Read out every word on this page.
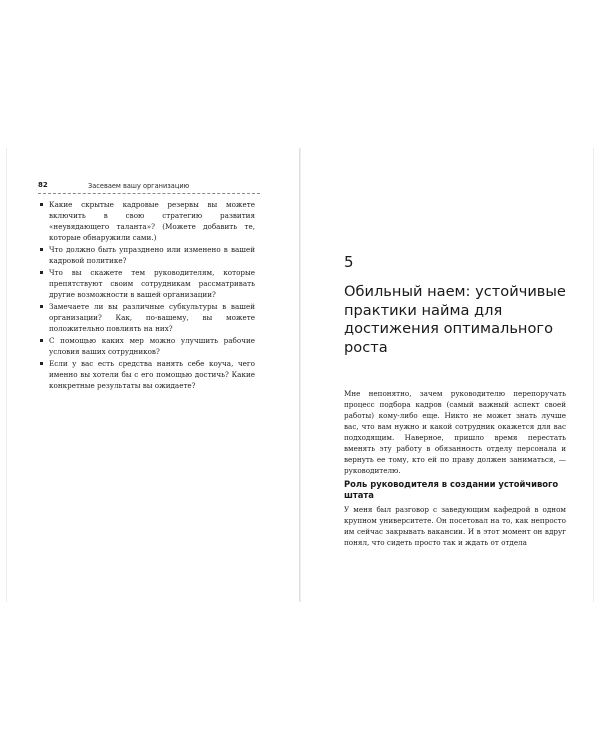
82	Засеваем вашу организацию
Какие скрытые кадровые резервы вы можете включить в свою стратегию развития «неувядающего таланта»? (Можете добавить те, которые обнаружили сами.)
Что должно быть упразднено или изменено в вашей кадровой политике?
Что вы скажете тем руководителям, которые препятствуют своим сотрудникам рассматривать другие возможности в вашей организации?
Замечаете ли вы различные субкультуры в вашей организации? Как, по-вашему, вы можете положительно повлиять на них?
С помощью каких мер можно улучшить рабочие условия ваших сотрудников?
Если у вас есть средства нанять себе коуча, чего именно вы хотели бы с его помощью достичь? Какие конкретные результаты вы ожидаете?
5
Обильный наем: устойчивые практики найма для достижения оптимального роста

Мне непонятно, зачем руководителю перепоручать процесс подбора кадров (самый важный аспект своей работы) кому-либо еще. Никто не может знать лучше вас, что вам нужно и какой сотрудник окажется для вас подходящим. Наверное, пришло время перестать вменять эту работу в обязанность отделу персонала и вернуть ее тому, кто ей по праву должен заниматься, — руководителю.

Роль руководителя в создании устойчивого штата

У меня был разговор с заведующим кафедрой в одном крупном университете. Он посетовал на то, как непросто им сейчас закрывать вакансии. И в этот момент он вдруг понял, что сидеть просто так и ждать от отдела
